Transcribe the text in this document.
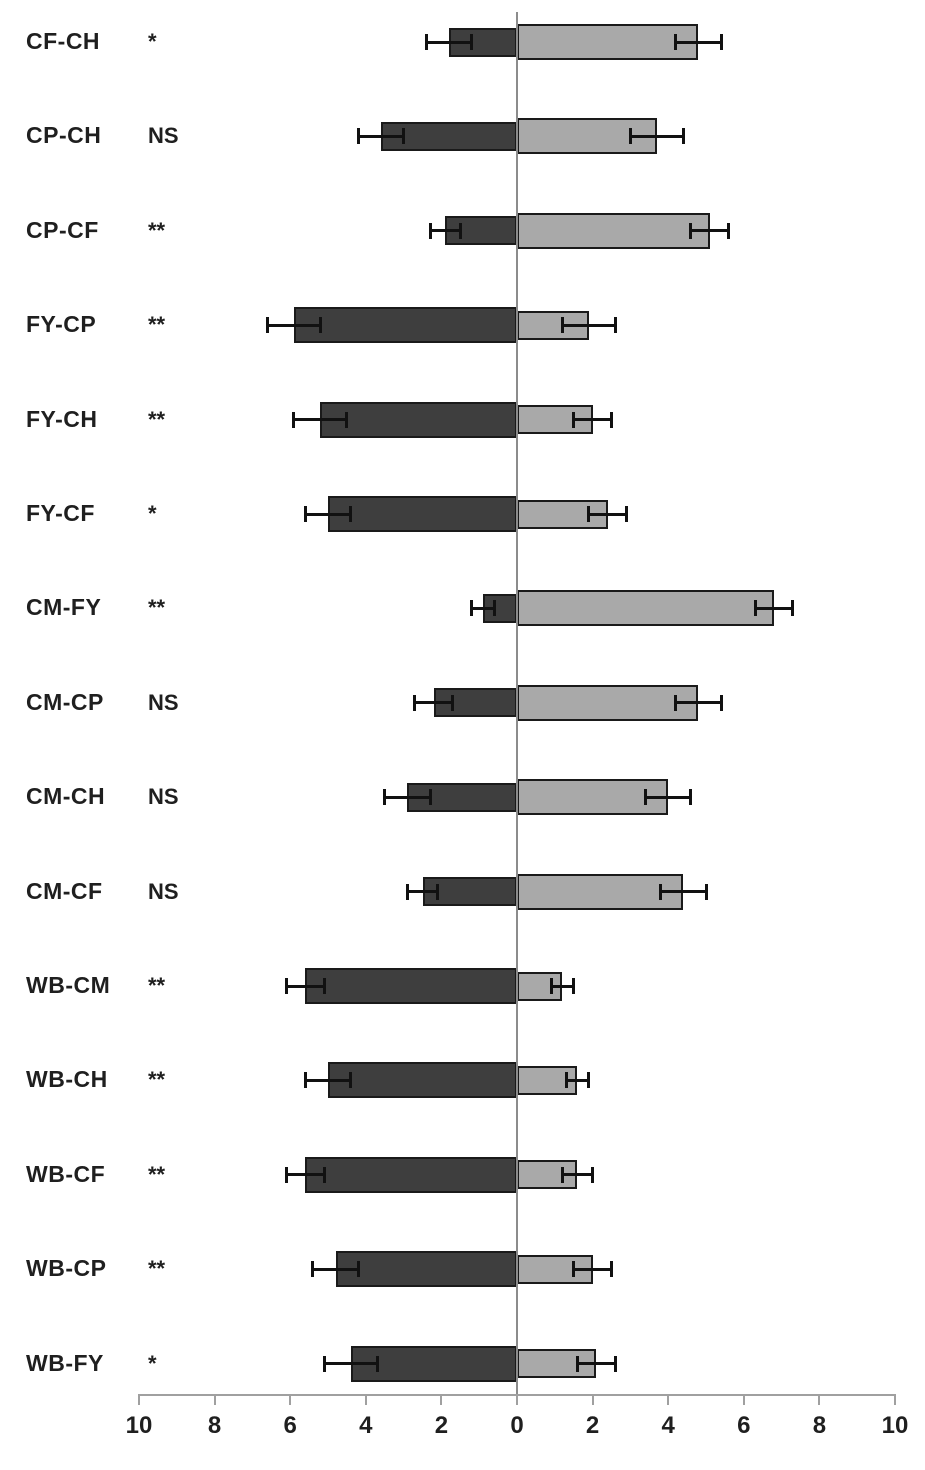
CF-CH	*
CP-CH	NS
CP-CF	**
FY-CP	**
FY-CH	**
FY-CF	*
CM-FY	**
CM-CP	NS
CM-CH	NS
CM-CF	NS
WB-CM	**
WB-CH	**
WB-CF	**
WB-CP	**
WB-FY	*
10	8	6	4	2	0	2	4	6	8	10
